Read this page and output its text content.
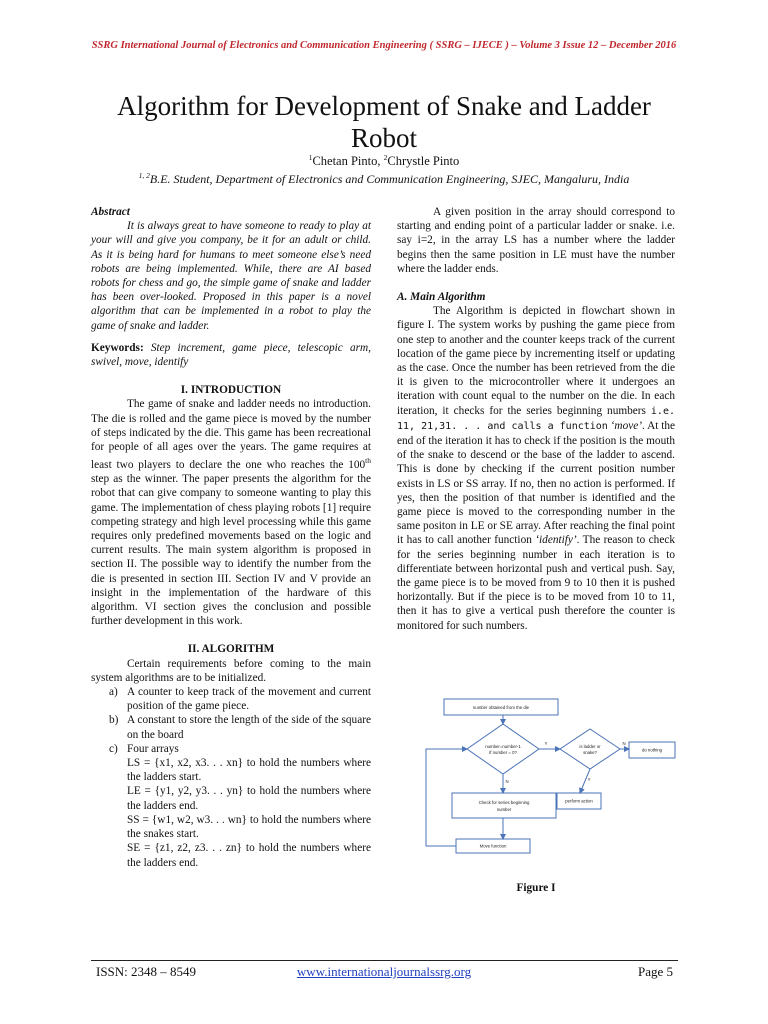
SSRG International Journal of Electronics and Communication Engineering ( SSRG – IJECE ) – Volume 3 Issue 12 – December 2016
Algorithm for Development of Snake and Ladder Robot
$^1$Chetan Pinto, $^2$Chrystle Pinto
$^{1, 2}$B.E. Student, Department of Electronics and Communication Engineering, SJEC, Mangaluru, India
Abstract

It is always great to have someone to ready to play at your will and give you company, be it for an adult or child. As it is being hard for humans to meet someone else’s need robots are being implemented. While, there are AI based robots for chess and go, the simple game of snake and ladder has been over-looked. Proposed in this paper is a novel algorithm that can be implemented in a robot to play the game of snake and ladder.

Keywords: Step increment, game piece, telescopic arm, swivel, move, identify

I. INTRODUCTION

The game of snake and ladder needs no introduction. The die is rolled and the game piece is moved by the number of steps indicated by the die. This game has been recreational for people of all ages over the years. The game requires at least two players to declare the one who reaches the 100th step as the winner. The paper presents the algorithm for the robot that can give company to someone wanting to play this game. The implementation of chess playing robots [1] require competing strategy and high level processing while this game requires only predefined movements based on the logic and current results. The main system algorithm is proposed in section II. The possible way to identify the number from the die is presented in section III. Section IV and V provide an insight in the implementation of the hardware of this algorithm. VI section gives the conclusion and possible further development in this work.

II. ALGORITHM

Certain requirements before coming to the main system algorithms are to be initialized.

a) A counter to keep track of the movement and current position of the game piece.
b) A constant to store the length of the side of the square on the board
c) Four arrays
LS = {x1, x2, x3. . . xn} to hold the numbers where the ladders start.
LE = {y1, y2, y3. . . yn} to hold the numbers where the ladders end.
SS = {w1, w2, w3. . . wn} to hold the numbers where the snakes start.
SE = {z1, z2, z3. . . zn} to hold the numbers where the ladders end.

A given position in the array should correspond to starting and ending point of a particular ladder or snake. i.e. say i=2, in the array LS has a number where the ladder begins then the same position in LE must have the number where the ladder ends.

A. Main Algorithm

The Algorithm is depicted in flowchart shown in figure I. The system works by pushing the game piece from one step to another and the counter keeps track of the current location of the game piece by incrementing itself or updating as the case. Once the number has been retrieved from the die it is given to the microcontroller where it undergoes an iteration with count equal to the number on the die. In each iteration, it checks for the series beginning numbers i.e. 11, 21,31. . . and calls a function ‘move’. At the end of the iteration it has to check if the position is the mouth of the snake to descend or the base of the ladder to ascend. This is done by checking if the current position number exists in LS or SS array. If no, then no action is performed. If yes, then the position of that number is identified and the game piece is moved to the corresponding number in the same positon in LE or SE array. After reaching the final point it has to call another function ‘identify’. The reason to check for the series beginning number in each iteration is to differentiate between horizontal push and vertical push. Say, the game piece is to be moved from 9 to 10 then it is pushed horizontally. But if the piece is to be moved from 10 to 11, then it has to give a vertical push therefore the counter is monitored for such numbers.

number obtained from the die
number=number-1
If number = 0?
is ladder or
snake?	do nothing
perform action
Check for series beginning
number
Move function
Y	N
N	Y
Figure I
ISSN: 2348 – 8549	www.internationaljournalssrg.org	Page 5
